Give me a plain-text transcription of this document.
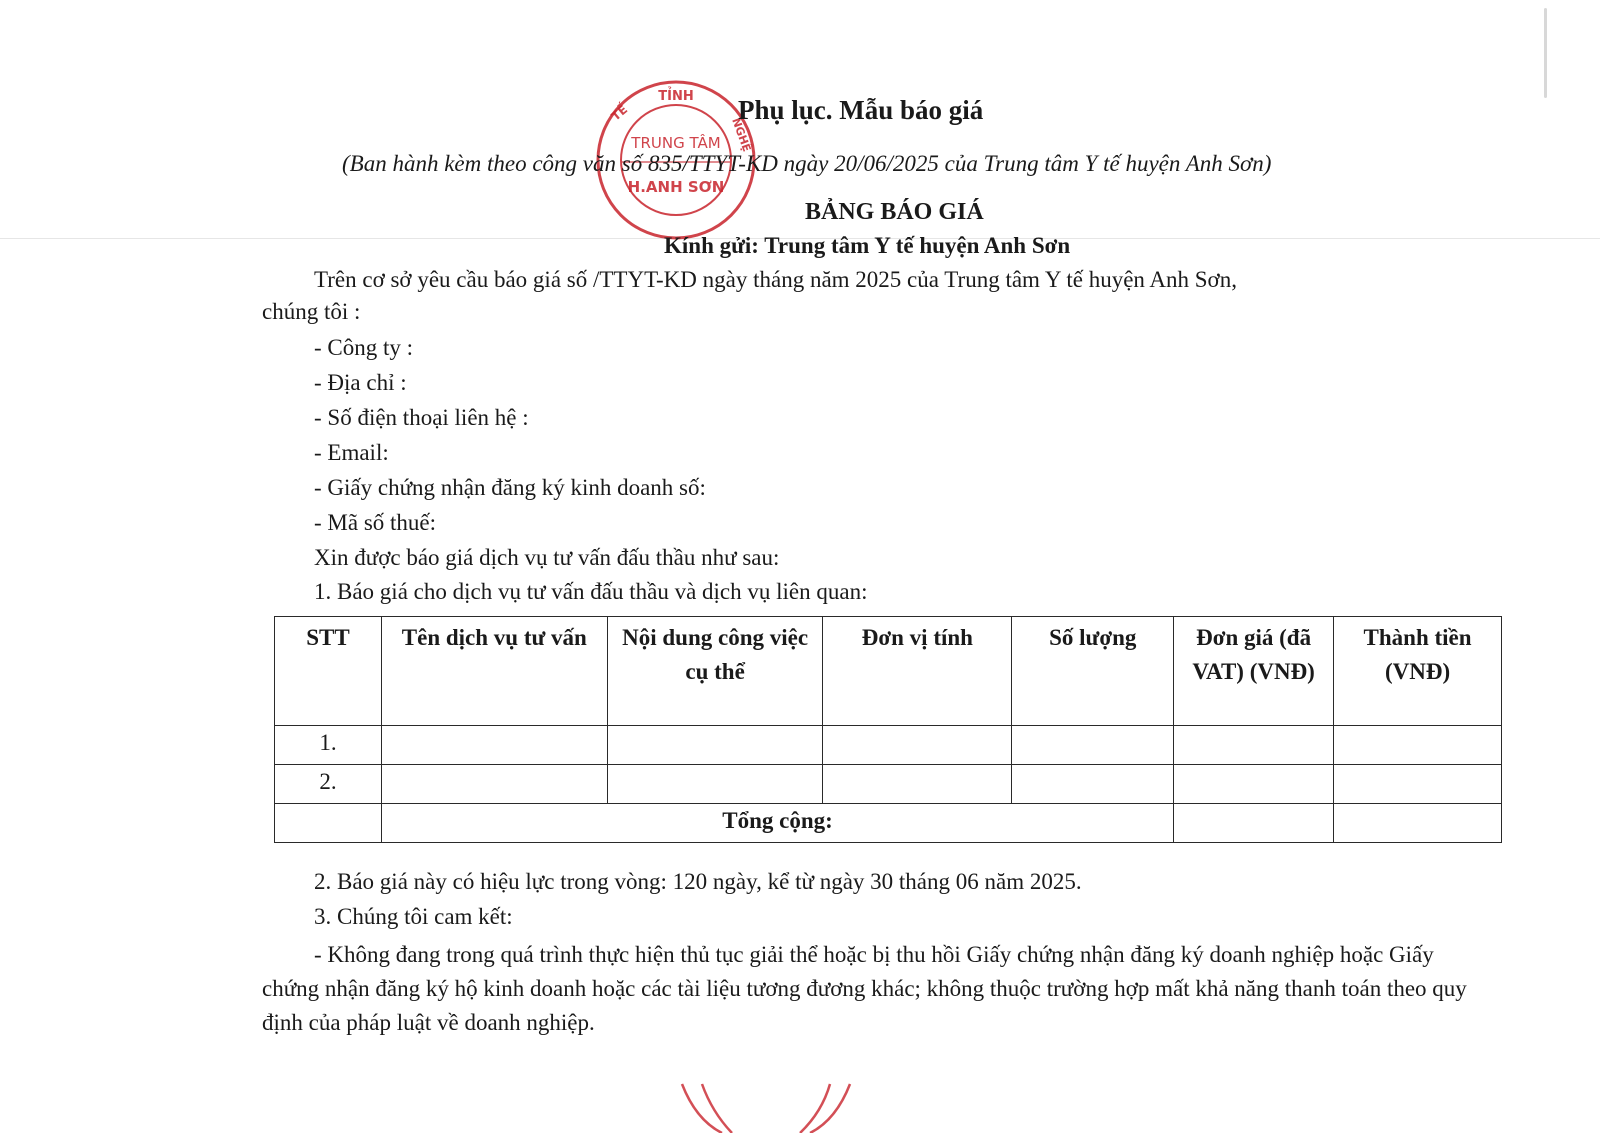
TỈNH
TẾ
NGHỆ
TRUNG TÂM
H.ANH SƠN
Phụ lục. Mẫu báo giá
(Ban hành kèm theo công văn số 835/TTYT-KD ngày 20/06/2025 của Trung tâm Y tế huyện Anh Sơn)
BẢNG BÁO GIÁ
Kính gửi: Trung tâm Y tế huyện Anh Sơn
Trên cơ sở yêu cầu báo giá số /TTYT-KD ngày tháng năm 2025 của Trung tâm Y tế huyện Anh Sơn,
chúng tôi :
- Công ty :
- Địa chỉ :
- Số điện thoại liên hệ :
- Email:
- Giấy chứng nhận đăng ký kinh doanh số:
- Mã số thuế:
Xin được báo giá dịch vụ tư vấn đấu thầu như sau:
1. Báo giá cho dịch vụ tư vấn đấu thầu và dịch vụ liên quan:
STT	Tên dịch vụ tư vấn	Nội dung công việc cụ thể	Đơn vị tính	Số lượng	Đơn giá (đã VAT) (VNĐ)	Thành tiền (VNĐ)
1.						
2.						
	Tổng cộng:					
2. Báo giá này có hiệu lực trong vòng: 120 ngày, kể từ ngày 30 tháng 06 năm 2025.
3. Chúng tôi cam kết:
- Không đang trong quá trình thực hiện thủ tục giải thể hoặc bị thu hồi Giấy chứng nhận đăng ký doanh nghiệp hoặc Giấy chứng nhận đăng ký hộ kinh doanh hoặc các tài liệu tương đương khác; không thuộc trường hợp mất khả năng thanh toán theo quy định của pháp luật về doanh nghiệp.
